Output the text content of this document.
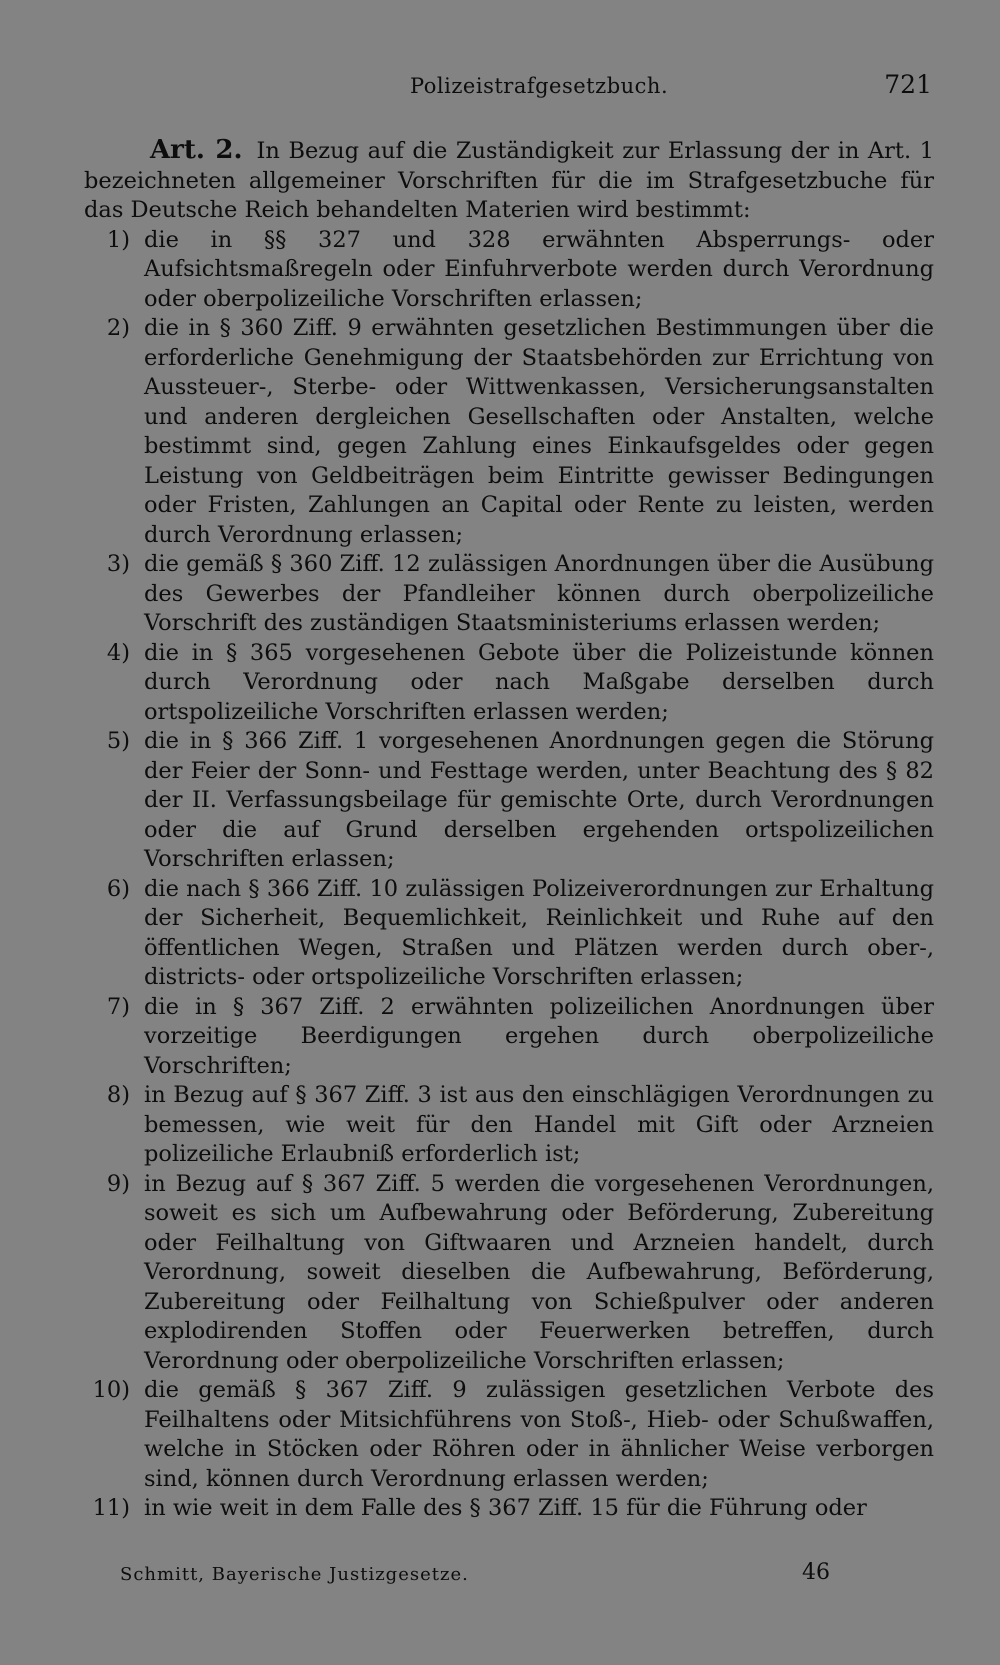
Polizeistrafgesetzbuch.	721

Art. 2. In Bezug auf die Zuständigkeit zur Erlassung der in Art. 1 bezeichneten allgemeiner Vorschriften für die im Strafgesetzbuche für das Deutsche Reich behandelten Materien wird bestimmt:

1) die in §§ 327 und 328 erwähnten Absperrungs- oder Aufsichtsmaßregeln oder Einfuhrverbote werden durch Verordnung oder oberpolizeiliche Vorschriften erlassen;
2) die in § 360 Ziff. 9 erwähnten gesetzlichen Bestimmungen über die erforderliche Genehmigung der Staatsbehörden zur Errichtung von Aussteuer-, Sterbe- oder Wittwenkassen, Versicherungsanstalten und anderen dergleichen Gesellschaften oder Anstalten, welche bestimmt sind, gegen Zahlung eines Einkaufsgeldes oder gegen Leistung von Geldbeiträgen beim Eintritte gewisser Bedingungen oder Fristen, Zahlungen an Capital oder Rente zu leisten, werden durch Verordnung erlassen;
3) die gemäß § 360 Ziff. 12 zulässigen Anordnungen über die Ausübung des Gewerbes der Pfandleiher können durch oberpolizeiliche Vorschrift des zuständigen Staatsministeriums erlassen werden;
4) die in § 365 vorgesehenen Gebote über die Polizeistunde können durch Verordnung oder nach Maßgabe derselben durch ortspolizeiliche Vorschriften erlassen werden;
5) die in § 366 Ziff. 1 vorgesehenen Anordnungen gegen die Störung der Feier der Sonn- und Festtage werden, unter Beachtung des § 82 der II. Verfassungsbeilage für gemischte Orte, durch Verordnungen oder die auf Grund derselben ergehenden ortspolizeilichen Vorschriften erlassen;
6) die nach § 366 Ziff. 10 zulässigen Polizeiverordnungen zur Erhaltung der Sicherheit, Bequemlichkeit, Reinlichkeit und Ruhe auf den öffentlichen Wegen, Straßen und Plätzen werden durch ober-, districts- oder ortspolizeiliche Vorschriften erlassen;
7) die in § 367 Ziff. 2 erwähnten polizeilichen Anordnungen über vorzeitige Beerdigungen ergehen durch oberpolizeiliche Vorschriften;
8) in Bezug auf § 367 Ziff. 3 ist aus den einschlägigen Verordnungen zu bemessen, wie weit für den Handel mit Gift oder Arzneien polizeiliche Erlaubniß erforderlich ist;
9) in Bezug auf § 367 Ziff. 5 werden die vorgesehenen Verordnungen, soweit es sich um Aufbewahrung oder Beförderung, Zubereitung oder Feilhaltung von Giftwaaren und Arzneien handelt, durch Verordnung, soweit dieselben die Aufbewahrung, Beförderung, Zubereitung oder Feilhaltung von Schießpulver oder anderen explodirenden Stoffen oder Feuerwerken betreffen, durch Verordnung oder oberpolizeiliche Vorschriften erlassen;
10) die gemäß § 367 Ziff. 9 zulässigen gesetzlichen Verbote des Feilhaltens oder Mitsichführens von Stoß-, Hieb- oder Schußwaffen, welche in Stöcken oder Röhren oder in ähnlicher Weise verborgen sind, können durch Verordnung erlassen werden;
11) in wie weit in dem Falle des § 367 Ziff. 15 für die Führung oder
Schmitt, Bayerische Justizgesetze.	46
